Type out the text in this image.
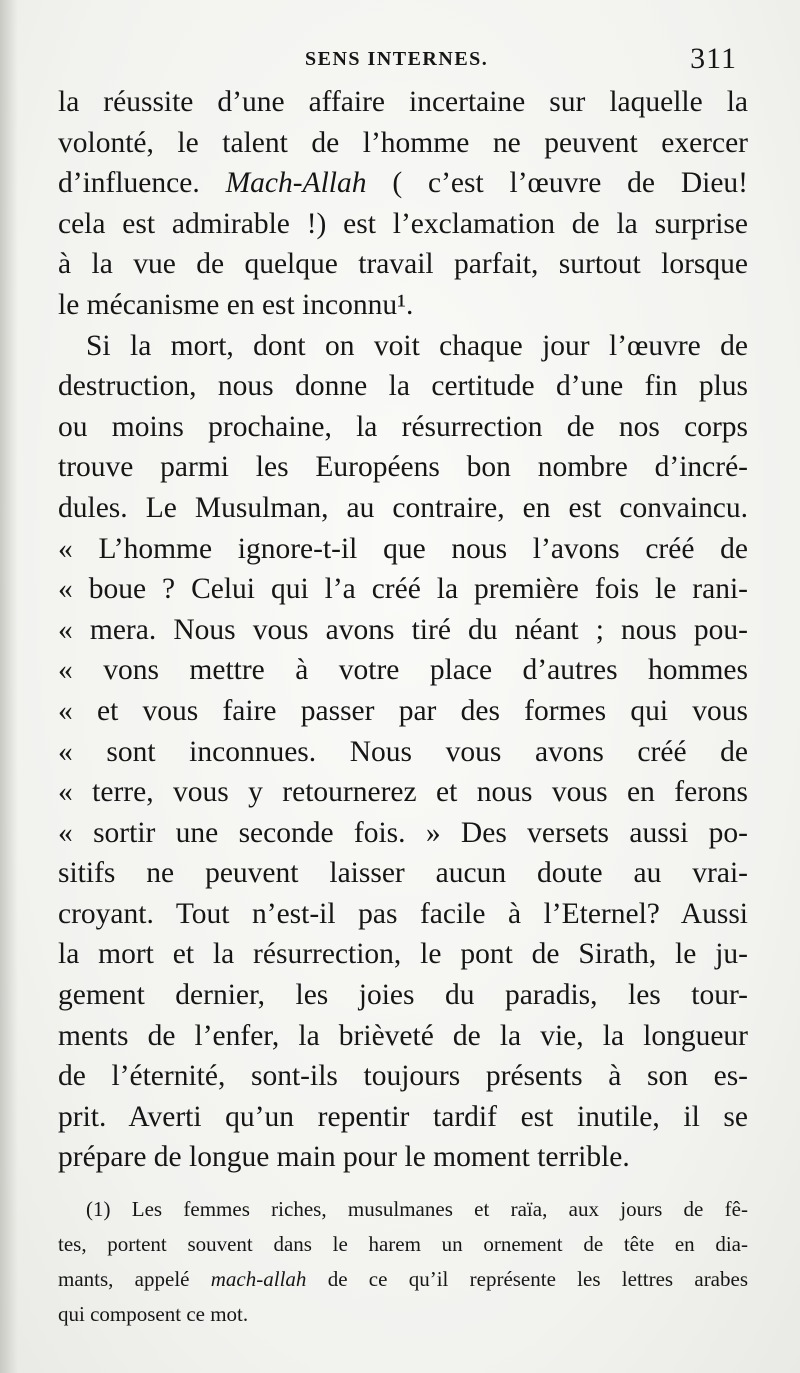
SENS INTERNES.	311
la réussite d’une affaire incertaine sur laquelle la
volonté, le talent de l’homme ne peuvent exercer
d’influence. Mach-Allah ( c’est l’œuvre de Dieu!
cela est admirable !) est l’exclamation de la surprise
à la vue de quelque travail parfait, surtout lorsque
le mécanisme en est inconnu¹.
Si la mort, dont on voit chaque jour l’œuvre de
destruction, nous donne la certitude d’une fin plus
ou moins prochaine, la résurrection de nos corps
trouve parmi les Européens bon nombre d’incré-
dules. Le Musulman, au contraire, en est convaincu.
« L’homme ignore-t-il que nous l’avons créé de
« boue ? Celui qui l’a créé la première fois le rani-
« mera. Nous vous avons tiré du néant ; nous pou-
« vons mettre à votre place d’autres hommes
« et vous faire passer par des formes qui vous
« sont inconnues. Nous vous avons créé de
« terre, vous y retournerez et nous vous en ferons
« sortir une seconde fois. » Des versets aussi po-
sitifs ne peuvent laisser aucun doute au vrai-
croyant. Tout n’est-il pas facile à l’Eternel? Aussi
la mort et la résurrection, le pont de Sirath, le ju-
gement dernier, les joies du paradis, les tour-
ments de l’enfer, la brièveté de la vie, la longueur
de l’éternité, sont-ils toujours présents à son es-
prit. Averti qu’un repentir tardif est inutile, il se
prépare de longue main pour le moment terrible.
(1) Les femmes riches, musulmanes et raïa, aux jours de fê-
tes, portent souvent dans le harem un ornement de tête en dia-
mants, appelé mach-allah de ce qu’il représente les lettres arabes
qui composent ce mot.
